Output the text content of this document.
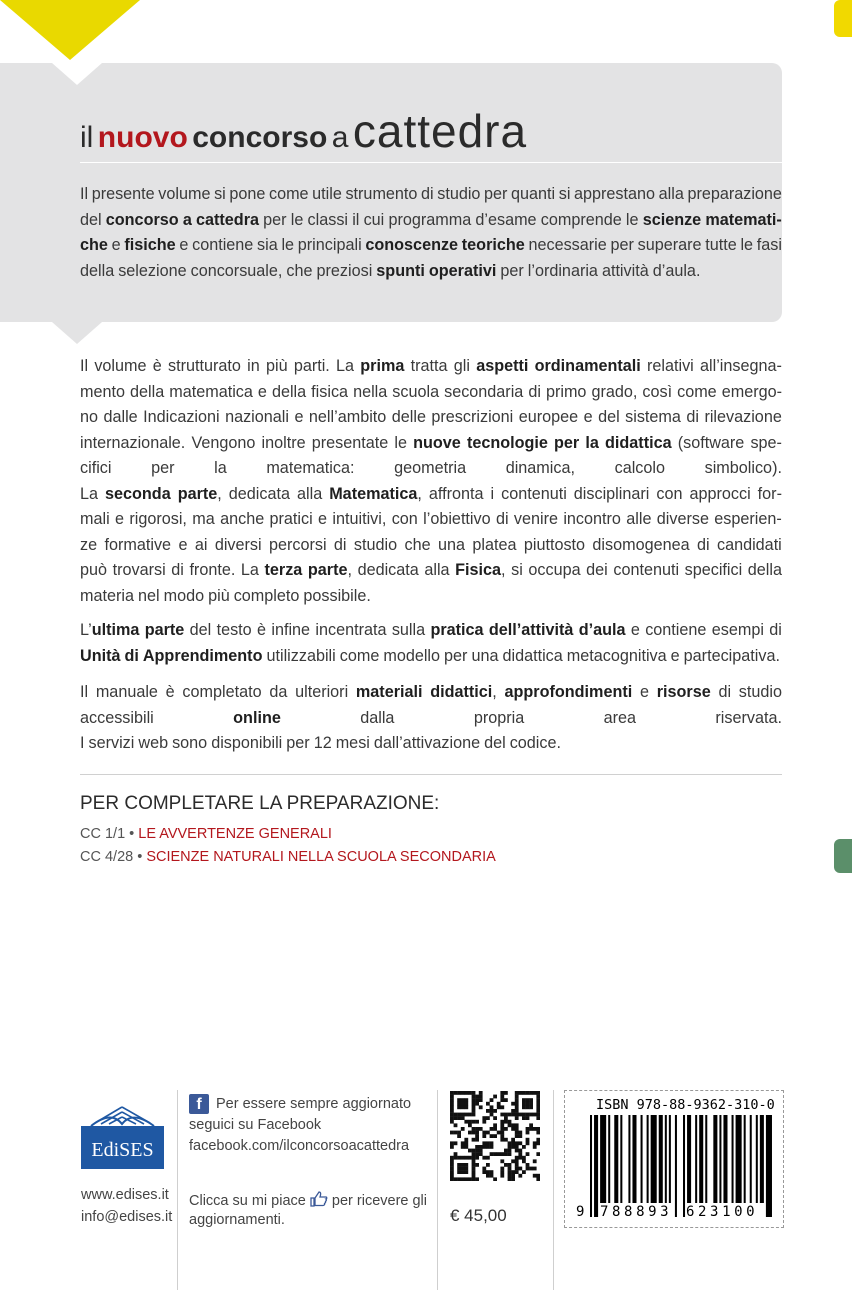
il nuovo concorso a cattedra
Il presente volume si pone come utile strumento di studio per quanti si apprestano alla preparazione
del concorso a cattedra per le classi il cui programma d’esame comprende le scienze matemati-
che e fisiche e contiene sia le principali conoscenze teoriche necessarie per superare tutte le fasi
della selezione concorsuale, che preziosi spunti operativi per l’ordinaria attività d’aula.
Il volume è strutturato in più parti. La prima tratta gli aspetti ordinamentali relativi all’insegna-
mento della matematica e della fisica nella scuola secondaria di primo grado, così come emergo-
no dalle Indicazioni nazionali e nell’ambito delle prescrizioni europee e del sistema di rilevazione
internazionale. Vengono inoltre presentate le nuove tecnologie per la didattica (software spe-
cifici per la matematica: geometria dinamica, calcolo simbolico).
La seconda parte, dedicata alla Matematica, affronta i contenuti disciplinari con approcci for-
mali e rigorosi, ma anche pratici e intuitivi, con l’obiettivo di venire incontro alle diverse esperien-
ze formative e ai diversi percorsi di studio che una platea piuttosto disomogenea di candidati
può trovarsi di fronte. La terza parte, dedicata alla Fisica, si occupa dei contenuti specifici della
materia nel modo più completo possibile.
L’ultima parte del testo è infine incentrata sulla pratica dell’attività d’aula e contiene esempi di
Unità di Apprendimento utilizzabili come modello per una didattica metacognitiva e partecipativa.
Il manuale è completato da ulteriori materiali didattici, approfondimenti e risorse di studio
accessibili	online	dalla	propria	area	riservata.
I servizi web sono disponibili per 12 mesi dall’attivazione del codice.
PER COMPLETARE LA PREPARAZIONE:
CC 1/1 • LE AVVERTENZE GENERALI
CC 4/28 • SCIENZE NATURALI NELLA SCUOLA SECONDARIA
EdiSES
www.edises.it
info@edises.it
f Per essere sempre aggiornato
seguici su Facebook
facebook.com/ilconcorsoacattedra
Clicca su mi piace per ricevere gli
aggiornamenti.	€ 45,00
ISBN 978-88-9362-310-0
9 788893 623100
